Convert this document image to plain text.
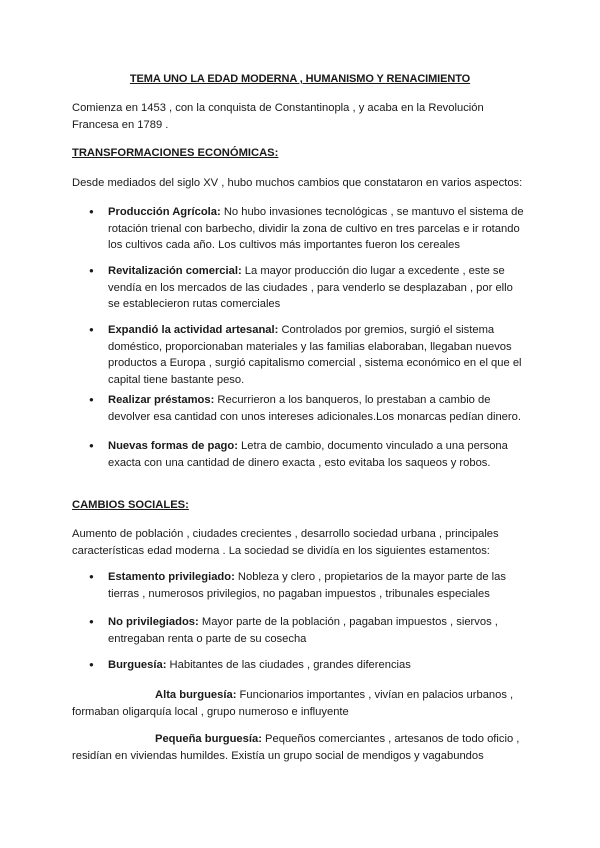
TEMA UNO LA EDAD MODERNA , HUMANISMO Y RENACIMIENTO
Comienza en 1453 , con la conquista de Constantinopla , y acaba en la Revolución Francesa en 1789 .
TRANSFORMACIONES ECONÓMICAS:
Desde mediados del siglo XV , hubo muchos cambios que constataron en varios aspectos:
● Producción Agrícola: No hubo invasiones tecnológicas , se mantuvo el sistema de rotación trienal con barbecho, dividir la zona de cultivo en tres parcelas e ir rotando los cultivos cada año. Los cultivos más importantes fueron los cereales
● Revitalización comercial: La mayor producción dio lugar a excedente , este se vendía en los mercados de las ciudades , para venderlo se desplazaban , por ello se establecieron rutas comerciales
● Expandió la actividad artesanal: Controlados por gremios, surgió el sistema doméstico, proporcionaban materiales y las familias elaboraban, llegaban nuevos productos a Europa , surgió capitalismo comercial , sistema económico en el que el capital tiene bastante peso.
● Realizar préstamos: Recurrieron a los banqueros, lo prestaban a cambio de devolver esa cantidad con unos intereses adicionales.Los monarcas pedían dinero.
● Nuevas formas de pago: Letra de cambio, documento vinculado a una persona exacta con una cantidad de dinero exacta , esto evitaba los saqueos y robos.
CAMBIOS SOCIALES:
Aumento de población , ciudades crecientes , desarrollo sociedad urbana , principales características edad moderna . La sociedad se dividía en los siguientes estamentos:
● Estamento privilegiado: Nobleza y clero , propietarios de la mayor parte de las tierras , numerosos privilegios, no pagaban impuestos , tribunales especiales
● No privilegiados: Mayor parte de la población , pagaban impuestos , siervos , entregaban renta o parte de su cosecha
● Burguesía: Habitantes de las ciudades , grandes diferencias
Alta burguesía: Funcionarios importantes , vivían en palacios urbanos , formaban oligarquía local , grupo numeroso e influyente
Pequeña burguesía: Pequeños comerciantes , artesanos de todo oficio , residían en viviendas humildes. Existía un grupo social de mendigos y vagabundos
